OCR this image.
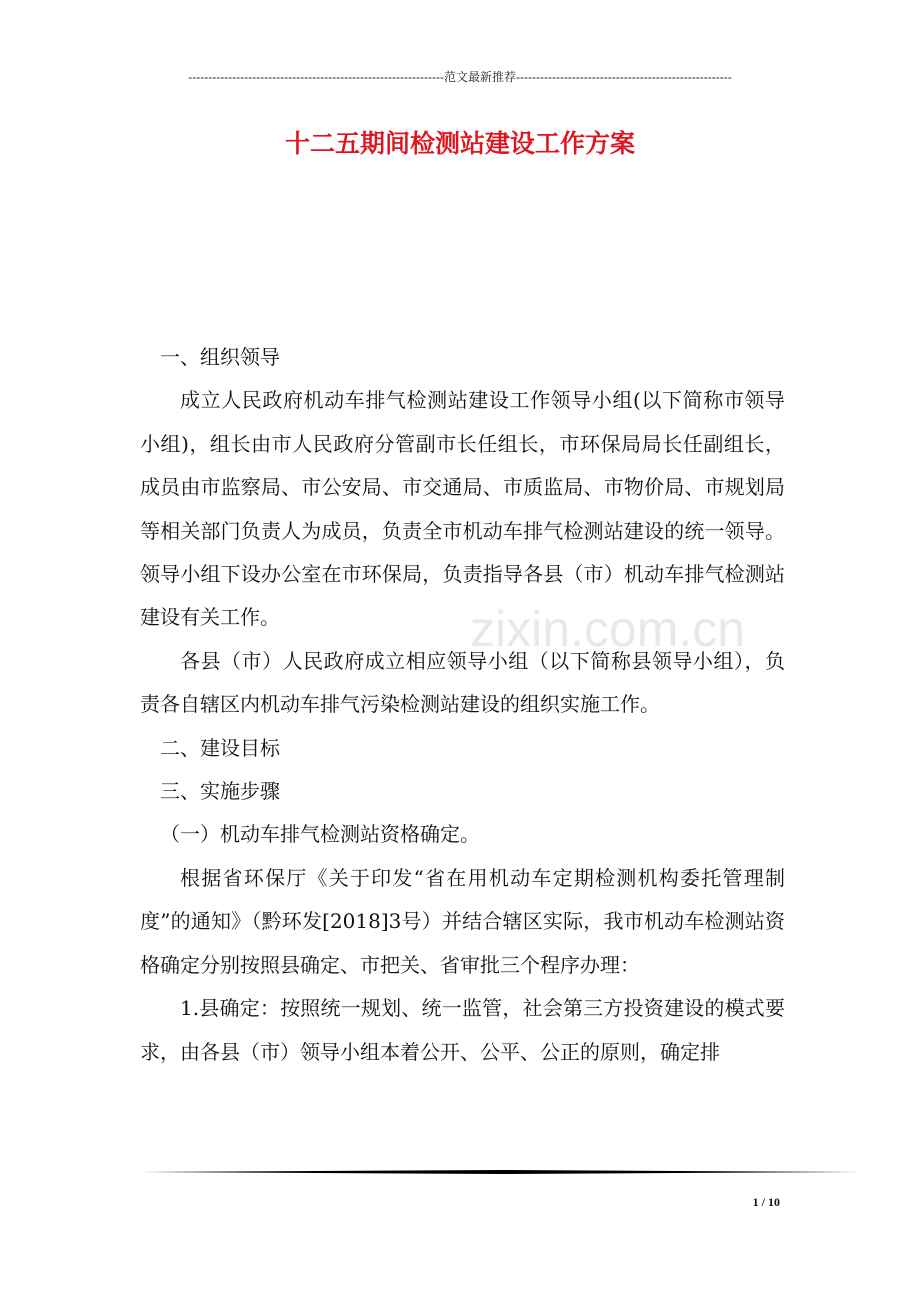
----------------------------------------------------------------范文最新推荐------------------------------------------------------
十二五期间检测站建设工作方案
zixin.com.cn

一、组织领导

成立人民政府机动车排气检测站建设工作领导小组(以下简称市领导小组)，组长由市人民政府分管副市长任组长，市环保局局长任副组长，成员由市监察局、市公安局、市交通局、市质监局、市物价局、市规划局等相关部门负责人为成员，负责全市机动车排气检测站建设的统一领导。领导小组下设办公室在市环保局，负责指导各县（市）机动车排气检测站建设有关工作。

各县（市）人民政府成立相应领导小组（以下简称县领导小组），负责各自辖区内机动车排气污染检测站建设的组织实施工作。

二、建设目标

三、实施步骤

（一）机动车排气检测站资格确定。

根据省环保厅《关于印发“省在用机动车定期检测机构委托管理制度”的通知》（黔环发[2018]3号）并结合辖区实际，我市机动车检测站资格确定分别按照县确定、市把关、省审批三个程序办理：

1.县确定：按照统一规划、统一监管，社会第三方投资建设的模式要求，由各县（市）领导小组本着公开、公平、公正的原则，确定排

1 / 10
